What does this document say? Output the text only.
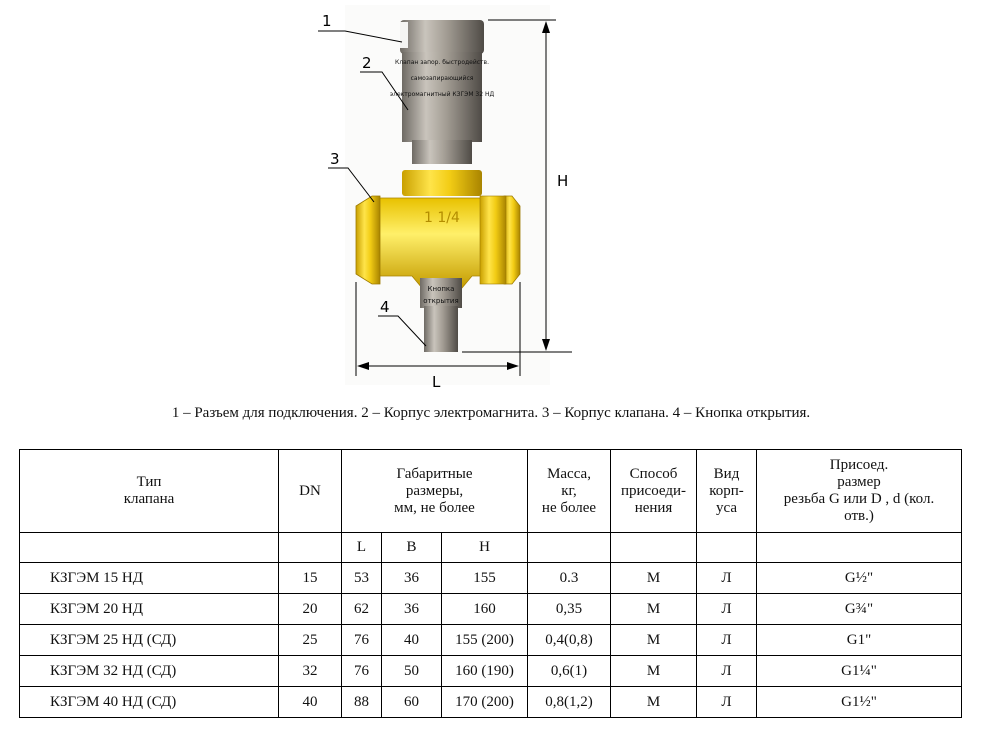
Клапан запор. быстродейств.
самозапирающийся
электромагнитный КЗГЭМ 32 НД
1 1/4
Кнопка
открытия
H
L
1
2
3
4
1 – Разъем для подключения. 2 – Корпус электромагнита. 3 – Корпус клапана. 4 – Кнопка открытия.
Тип
клапана	DN	Габаритные
размеры,
мм, не более			Масса,
кг,
не более	Способ
присоеди-
нения	Вид
корп-
уса	Присоед.
размер
резьба G или D , d (кол.
отв.)

		L	B	H				
КЗГЭМ 15 НД	15	53	36	155	0.3	М	Л	G½"
КЗГЭМ 20 НД	20	62	36	160	0,35	М	Л	G¾"
КЗГЭМ 25 НД (СД)	25	76	40	155 (200)	0,4(0,8)	М	Л	G1"
КЗГЭМ 32 НД (СД)	32	76	50	160 (190)	0,6(1)	М	Л	G1¼"
КЗГЭМ 40 НД (СД)	40	88	60	170 (200)	0,8(1,2)	М	Л	G1½"
